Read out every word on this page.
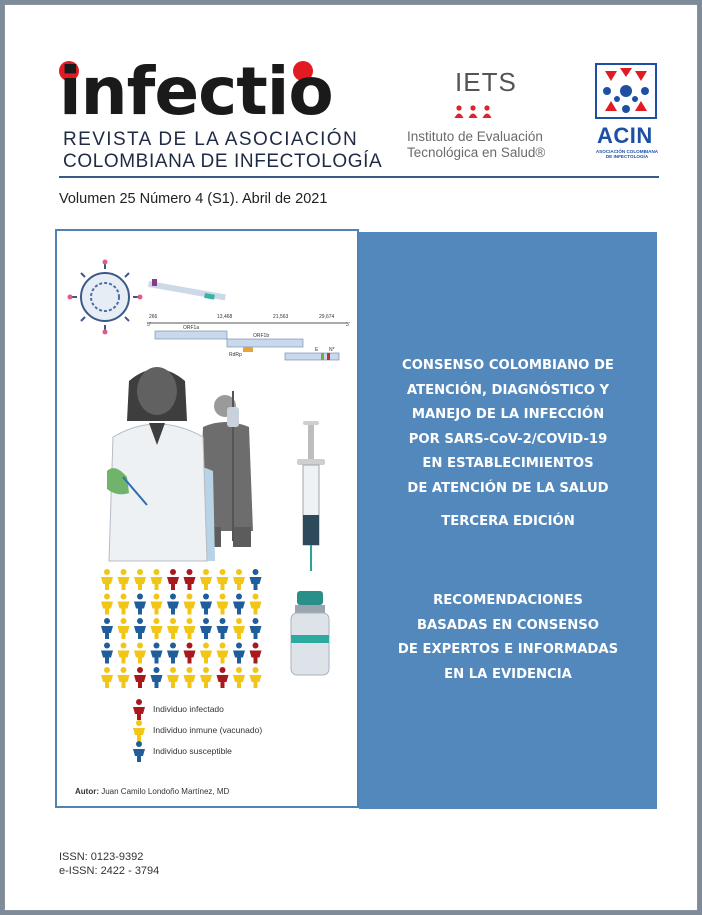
infectio
REVISTA DE LA ASOCIACIÓN
COLOMBIANA DE INFECTOLOGÍA
IETS
Instituto de Evaluación
Tecnológica en Salud®
ACIN
ASOCIACIÓN COLOMBIANA DE INFECTOLOGÍA
Volumen 25 Número 4 (S1). Abril de 2021
5'	3'
266	13,468	21,563	29,674
ORF1a
ORF1b
RdRp
E N*
Individuo infectado
Individuo inmune (vacunado)
Individuo susceptible
Autor: Juan Camilo Londoño Martínez, MD
CONSENSO COLOMBIANO DE
ATENCIÓN, DIAGNÓSTICO Y
MANEJO DE LA INFECCIÓN
POR SARS-CoV-2/COVID-19
EN ESTABLECIMIENTOS
DE ATENCIÓN DE LA SALUD
TERCERA EDICIÓN
RECOMENDACIONES
BASADAS EN CONSENSO
DE EXPERTOS E INFORMADAS
EN LA EVIDENCIA
ISSN: 0123-9392
e-ISSN: 2422 - 3794
